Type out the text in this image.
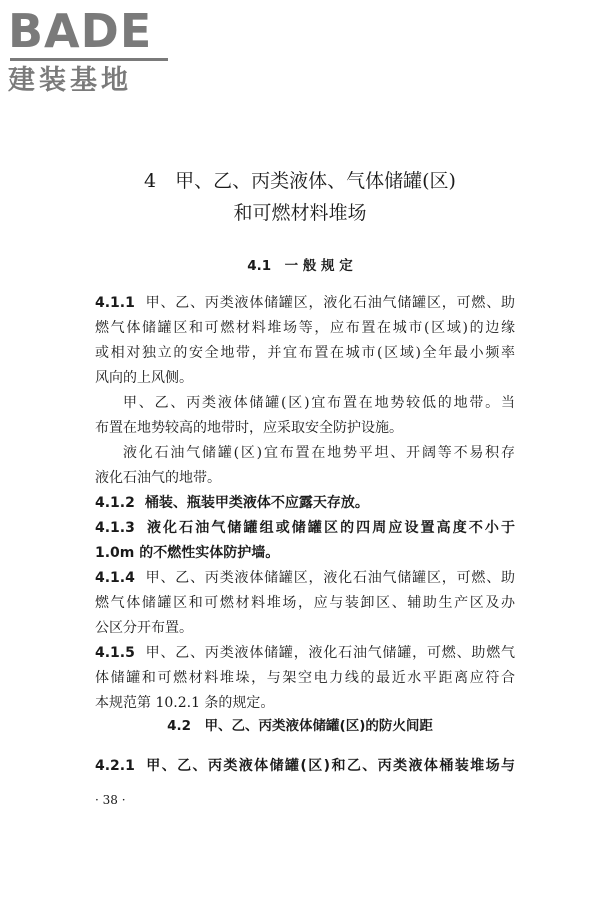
BADE
建装基地
4　甲、乙、丙类液体、气体储罐(区)
和可燃材料堆场
4.1　一 般 规 定
4.1.1 甲、乙、丙类液体储罐区，液化石油气储罐区，可燃、助
燃气体储罐区和可燃材料堆场等，应布置在城市(区域)的边缘
或相对独立的安全地带，并宜布置在城市(区域)全年最小频率
风向的上风侧。
甲、乙、丙类液体储罐(区)宜布置在地势较低的地带。当
布置在地势较高的地带时，应采取安全防护设施。
液化石油气储罐(区)宜布置在地势平坦、开阔等不易积存
液化石油气的地带。
4.1.2 桶装、瓶装甲类液体不应露天存放。
4.1.3 液化石油气储罐组或储罐区的四周应设置高度不小于
1.0m 的不燃性实体防护墙。
4.1.4 甲、乙、丙类液体储罐区，液化石油气储罐区，可燃、助
燃气体储罐区和可燃材料堆场，应与装卸区、辅助生产区及办
公区分开布置。
4.1.5 甲、乙、丙类液体储罐，液化石油气储罐，可燃、助燃气
体储罐和可燃材料堆垛，与架空电力线的最近水平距离应符合
本规范第 10.2.1 条的规定。
4.2　甲、乙、丙类液体储罐(区)的防火间距
4.2.1 甲、乙、丙类液体储罐(区)和乙、丙类液体桶装堆场与
· 38 ·
